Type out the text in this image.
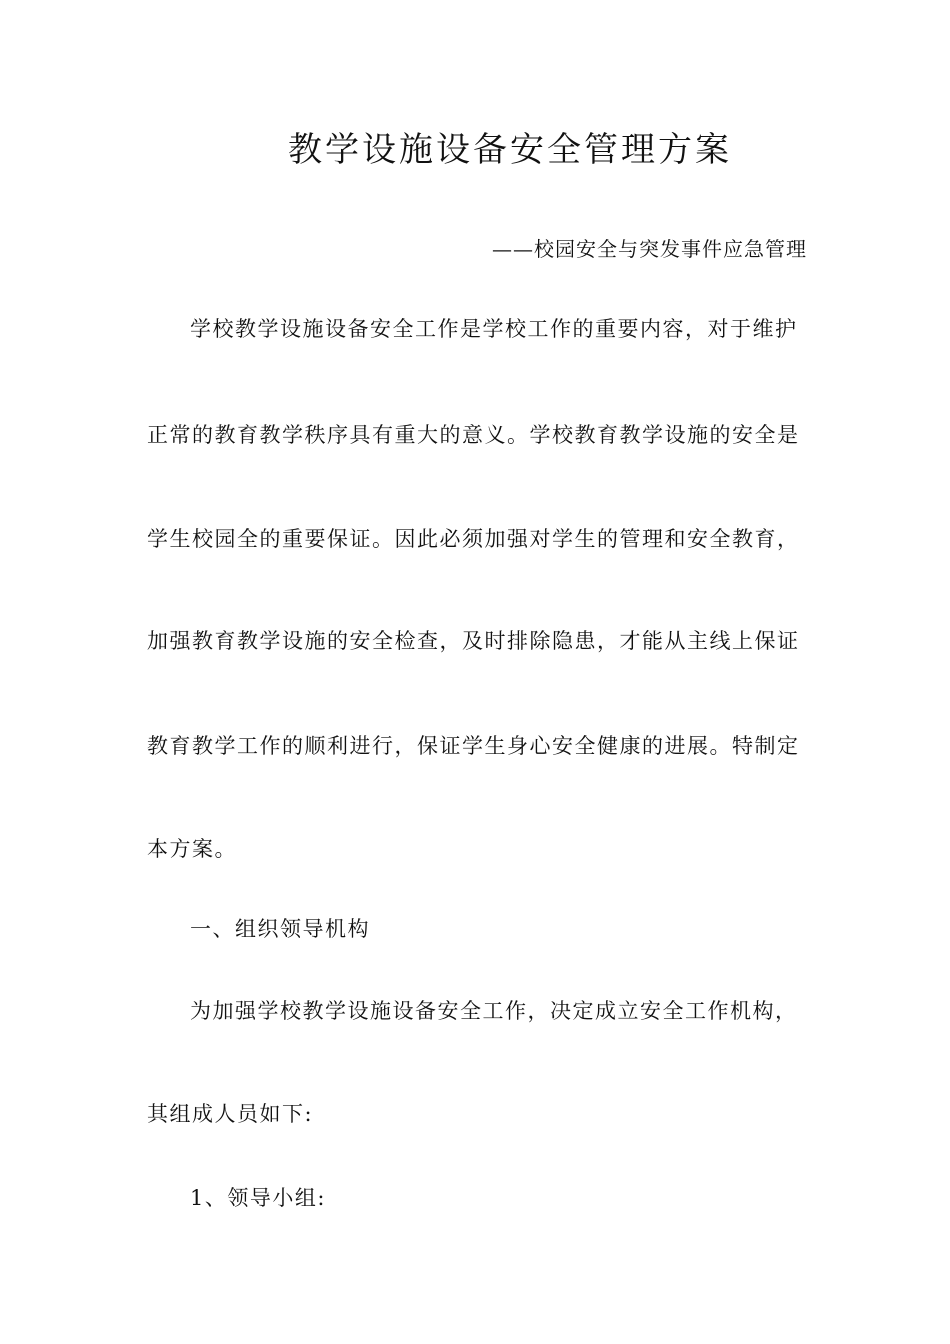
教学设施设备安全管理方案
——校园安全与突发事件应急管理
学校教学设施设备安全工作是学校工作的重要内容，对于维护
正常的教育教学秩序具有重大的意义。学校教育教学设施的安全是
学生校园全的重要保证。因此必须加强对学生的管理和安全教育，
加强教育教学设施的安全检查，及时排除隐患，才能从主线上保证
教育教学工作的顺利进行，保证学生身心安全健康的进展。特制定
本方案。
一、组织领导机构
为加强学校教学设施设备安全工作，决定成立安全工作机构，
其组成人员如下:
1、领导小组:
